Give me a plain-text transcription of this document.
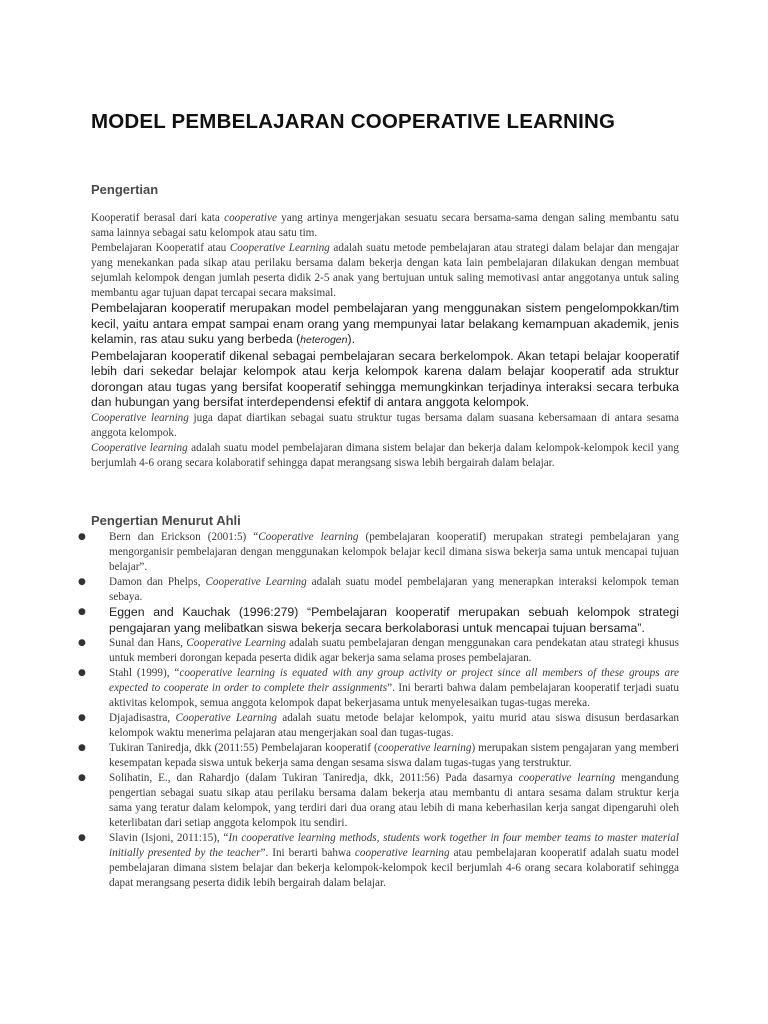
MODEL PEMBELAJARAN COOPERATIVE LEARNING
Pengertian

Kooperatif berasal dari kata cooperative yang artinya mengerjakan sesuatu secara bersama-sama dengan saling membantu satu sama lainnya sebagai satu kelompok atau satu tim.

Pembelajaran Kooperatif atau Cooperative Learning adalah suatu metode pembelajaran atau strategi dalam belajar dan mengajar yang menekankan pada sikap atau perilaku bersama dalam bekerja dengan kata lain pembelajaran dilakukan dengan membuat sejumlah kelompok dengan jumlah peserta didik 2-5 anak yang bertujuan untuk saling memotivasi antar anggotanya untuk saling membantu agar tujuan dapat tercapai secara maksimal.

Pembelajaran kooperatif merupakan model pembelajaran yang menggunakan sistem pengelompokkan/tim kecil, yaitu antara empat sampai enam orang yang mempunyai latar belakang kemampuan akademik, jenis kelamin, ras atau suku yang berbeda (heterogen).

Pembelajaran kooperatif dikenal sebagai pembelajaran secara berkelompok. Akan tetapi belajar kooperatif lebih dari sekedar belajar kelompok atau kerja kelompok karena dalam belajar kooperatif ada struktur dorongan atau tugas yang bersifat kooperatif sehingga memungkinkan terjadinya interaksi secara terbuka dan hubungan yang bersifat interdependensi efektif di antara anggota kelompok.

Cooperative learning juga dapat diartikan sebagai suatu struktur tugas bersama dalam suasana kebersamaan di antara sesama anggota kelompok.

Cooperative learning adalah suatu model pembelajaran dimana sistem belajar dan bekerja dalam kelompok-kelompok kecil yang berjumlah 4-6 orang secara kolaboratif sehingga dapat merangsang siswa lebih bergairah dalam belajar.

Pengertian Menurut Ahli
● Bern dan Erickson (2001:5) “Cooperative learning (pembelajaran kooperatif) merupakan strategi pembelajaran yang mengorganisir pembelajaran dengan menggunakan kelompok belajar kecil dimana siswa bekerja sama untuk mencapai tujuan belajar”.
● Damon dan Phelps, Cooperative Learning adalah suatu model pembelajaran yang menerapkan interaksi kelompok teman sebaya.
● Eggen and Kauchak (1996:279) “Pembelajaran kooperatif merupakan sebuah kelompok strategi pengajaran yang melibatkan siswa bekerja secara berkolaborasi untuk mencapai tujuan bersama”.
● Sunal dan Hans, Cooperative Learning adalah suatu pembelajaran dengan menggunakan cara pendekatan atau strategi khusus untuk memberi dorongan kepada peserta didik agar bekerja sama selama proses pembelajaran.
● Stahl (1999), “cooperative learning is equated with any group activity or project since all members of these groups are expected to cooperate in order to complete their assignments”. Ini berarti bahwa dalam pembelajaran kooperatif terjadi suatu aktivitas kelompok, semua anggota kelompok dapat bekerjasama untuk menyelesaikan tugas-tugas mereka.
● Djajadisastra, Cooperative Learning adalah suatu metode belajar kelompok, yaitu murid atau siswa disusun berdasarkan kelompok waktu menerima pelajaran atau mengerjakan soal dan tugas-tugas.
● Tukiran Taniredja, dkk (2011:55) Pembelajaran kooperatif (cooperative learning) merupakan sistem pengajaran yang memberi kesempatan kepada siswa untuk bekerja sama dengan sesama siswa dalam tugas-tugas yang terstruktur.
● Solihatin, E., dan Rahardjo (dalam Tukiran Taniredja, dkk, 2011:56) Pada dasarnya cooperative learning mengandung pengertian sebagai suatu sikap atau perilaku bersama dalam bekerja atau membantu di antara sesama dalam struktur kerja sama yang teratur dalam kelompok, yang terdiri dari dua orang atau lebih di mana keberhasilan kerja sangat dipengaruhi oleh keterlibatan dari setiap anggota kelompok itu sendiri.
● Slavin (Isjoni, 2011:15), “In cooperative learning methods, students work together in four member teams to master material initially presented by the teacher”. Ini berarti bahwa cooperative learning atau pembelajaran kooperatif adalah suatu model pembelajaran dimana sistem belajar dan bekerja kelompok-kelompok kecil berjumlah 4-6 orang secara kolaboratif sehingga dapat merangsang peserta didik lebih bergairah dalam belajar.
